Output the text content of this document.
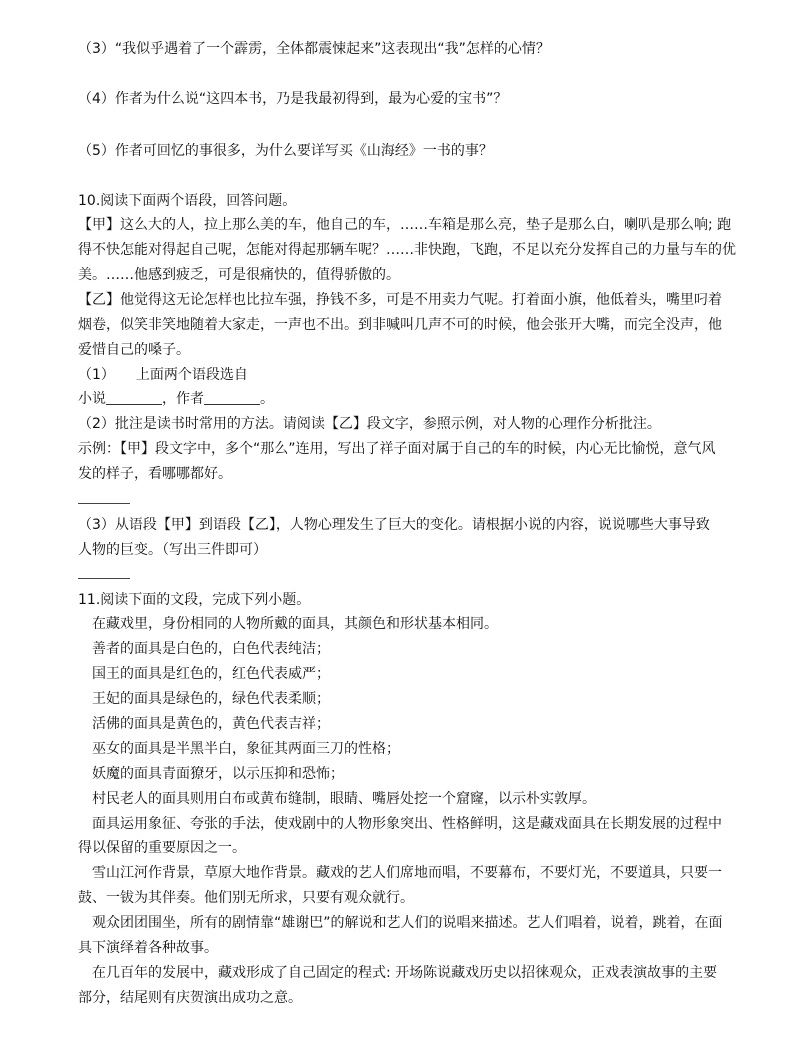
（3）“我似乎遇着了一个霹雳，全体都震悚起来”这表现出“我”怎样的心情？
（4）作者为什么说“这四本书，乃是我最初得到，最为心爱的宝书”？
（5）作者可回忆的事很多，为什么要详写买《山海经》一书的事？
10.阅读下面两个语段，回答问题。
【甲】这么大的人，拉上那么美的车，他自己的车，……车箱是那么亮，垫子是那么白，喇叭是那么响; 跑
得不快怎能对得起自己呢，怎能对得起那辆车呢？……非快跑，飞跑，不足以充分发挥自己的力量与车的优
美。……他感到疲乏，可是很痛快的，值得骄傲的。
【乙】他觉得这无论怎样也比拉车强，挣钱不多，可是不用卖力气呢。打着面小旗，他低着头，嘴里叼着
烟卷，似笑非笑地随着大家走，一声也不出。到非喊叫几声不可的时候，他会张开大嘴，而完全没声，他
爱惜自己的嗓子。
（1）　　上面两个语段选自
小说	，作者	。
（2）批注是读书时常用的方法。请阅读【乙】段文字，参照示例，对人物的心理作分析批注。
示例：【甲】段文字中，多个“那么”连用，写出了祥子面对属于自己的车的时候，内心无比愉悦，意气风
发的样子，看哪哪都好。
（3）从语段【甲】到语段【乙】，人物心理发生了巨大的变化。请根据小说的内容，说说哪些大事导致
人物的巨变。（写出三件即可）
11.阅读下面的文段，完成下列小题。
在藏戏里，身份相同的人物所戴的面具，其颜色和形状基本相同。
善者的面具是白色的，白色代表纯洁；
国王的面具是红色的，红色代表威严；
王妃的面具是绿色的，绿色代表柔顺；
活佛的面具是黄色的，黄色代表吉祥；
巫女的面具是半黑半白，象征其两面三刀的性格；
妖魔的面具青面獠牙，以示压抑和恐怖；
村民老人的面具则用白布或黄布缝制，眼睛、嘴唇处挖一个窟窿，以示朴实敦厚。
面具运用象征、夸张的手法，使戏剧中的人物形象突出、性格鲜明，这是藏戏面具在长期发展的过程中
得以保留的重要原因之一。
雪山江河作背景，草原大地作背景。藏戏的艺人们席地而唱，不要幕布，不要灯光，不要道具，只要一
鼓、一钹为其伴奏。他们别无所求，只要有观众就行。
观众团团围坐，所有的剧情靠“雄谢巴”的解说和艺人们的说唱来描述。艺人们唱着，说着，跳着，在面
具下演绎着各种故事。
在几百年的发展中，藏戏形成了自己固定的程式: 开场陈说藏戏历史以招徕观众，正戏表演故事的主要
部分，结尾则有庆贺演出成功之意。
